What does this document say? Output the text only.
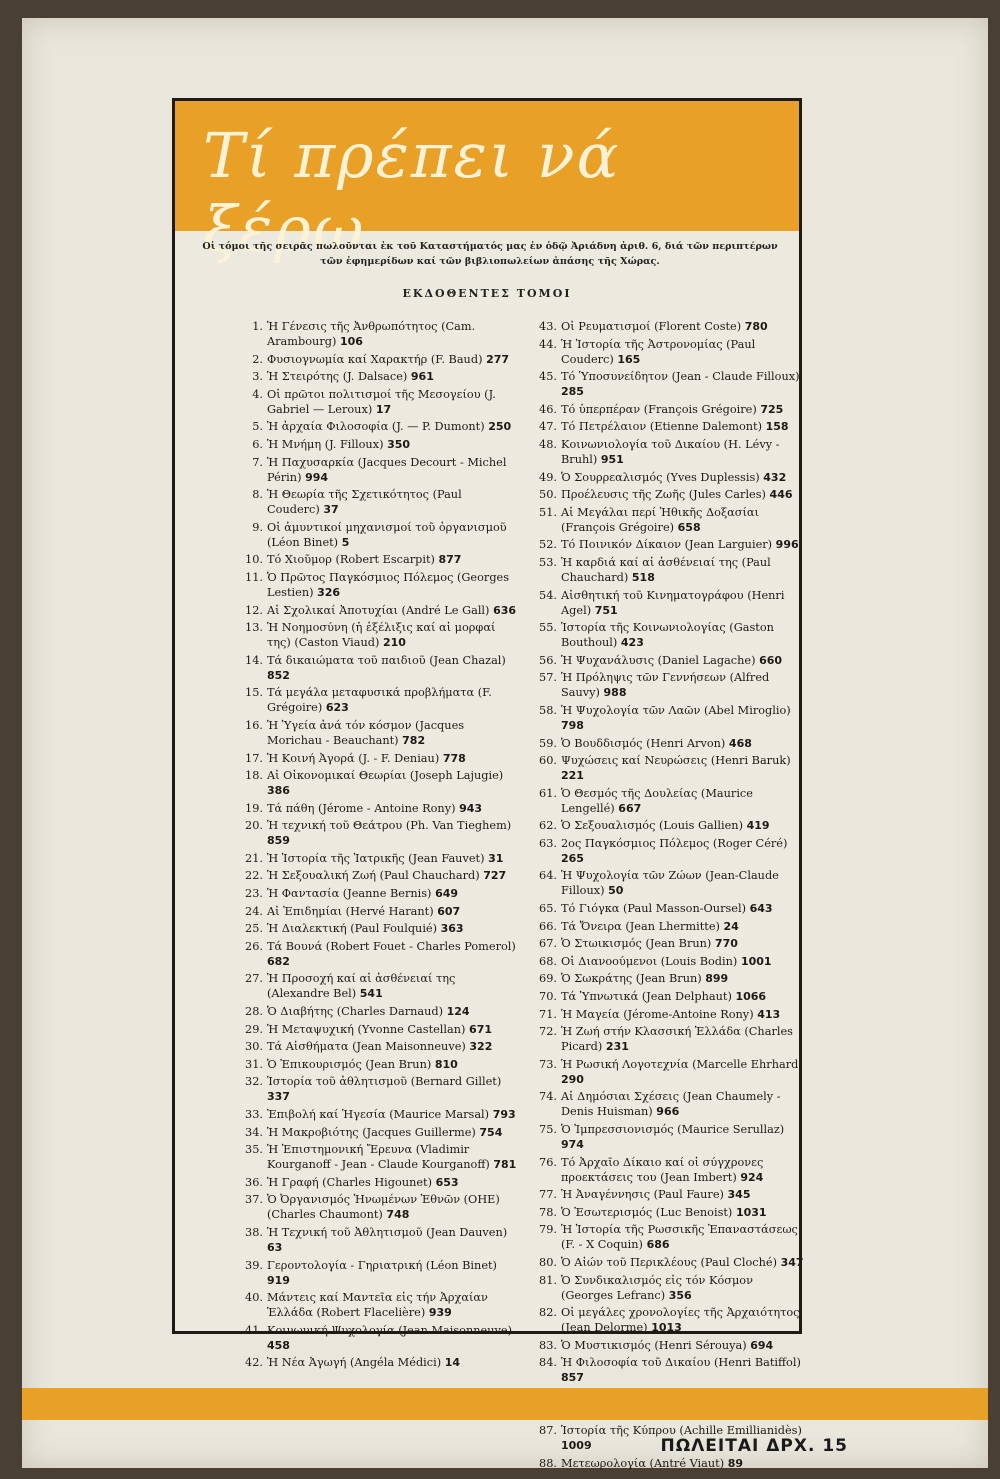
Τί πρέπει νά ξέρω
Οἱ τόμοι τῆς σειρᾶς πωλοῦνται ἐκ τοῦ Καταστήματός μας ἐν ὁδῷ Ἀριάδνη ἀριθ. 6, διά τῶν περιπτέρων τῶν ἐφημερίδων καί τῶν βιβλιοπωλείων ἀπάσης τῆς Χώρας.
ΕΚΔΟΘΕΝΤΕΣ ΤΟΜΟΙ
1. Ἡ Γένεσις τῆς Ἀνθρωπότητος (Cam. Arambourg) 106
2. Φυσιογνωμία καί Χαρακτήρ (F. Baud) 277
3. Ἡ Στειρότης (J. Dalsace) 961
4. Οἱ πρῶτοι πολιτισμοί τῆς Μεσογείου (J. Gabriel — Leroux) 17
5. Ἡ ἀρχαία Φιλοσοφία (J. — P. Dumont) 250
6. Ἡ Μνήμη (J. Filloux) 350
7. Ἡ Παχυσαρκία (Jacques Decourt - Michel Périn) 994
8. Ἡ Θεωρία τῆς Σχετικότητος (Paul Couderc) 37
9. Οἱ ἀμυντικοί μηχανισμοί τοῦ ὀργανισμοῦ (Léon Binet) 5
10. Τό Χιοῦμορ (Robert Escarpit) 877
11. Ὁ Πρῶτος Παγκόσμιος Πόλεμος (Georges Lestien) 326
12. Αἱ Σχολικαί Ἀποτυχίαι (André Le Gall) 636
13. Ἡ Νοημοσύνη (ἡ ἐξέλιξις καί αἱ μορφαί της) (Caston Viaud) 210
14. Τά δικαιώματα τοῦ παιδιοῦ (Jean Chazal) 852
15. Τά μεγάλα μεταφυσικά προβλήματα (F. Grégoire) 623
16. Ἡ Ὑγεία ἀνά τόν κόσμον (Jacques Morichau - Beauchant) 782
17. Ἡ Κοινή Ἀγορά (J. - F. Deniau) 778
18. Αἱ Οἰκονομικαί Θεωρίαι (Joseph Lajugie) 386
19. Τά πάθη (Jérome - Antoine Rony) 943
20. Ἡ τεχνική τοῦ Θεάτρου (Ph. Van Tieghem) 859
21. Ἡ Ἱστορία τῆς Ἰατρικῆς (Jean Fauvet) 31
22. Ἡ Σεξουαλική Ζωή (Paul Chauchard) 727
23. Ἡ Φαντασία (Jeanne Bernis) 649
24. Αἱ Ἐπιδημίαι (Hervé Harant) 607
25. Ἡ Διαλεκτική (Paul Foulquié) 363
26. Τά Βουνά (Robert Fouet - Charles Pomerol) 682
27. Ἡ Προσοχή καί αἱ ἀσθένειαί της (Alexandre Bel) 541
28. Ὁ Διαβήτης (Charles Darnaud) 124
29. Ἡ Μεταψυχική (Yvonne Castellan) 671
30. Τά Αἰσθήματα (Jean Maisonneuve) 322
31. Ὁ Ἐπικουρισμός (Jean Brun) 810
32. Ἱστορία τοῦ ἀθλητισμοῦ (Bernard Gillet) 337
33. Ἐπιβολή καί Ἡγεσία (Maurice Marsal) 793
34. Ἡ Μακροβιότης (Jacques Guillerme) 754
35. Ἡ Ἐπιστημονική Ἔρευνα (Vladimir Kourganoff - Jean - Claude Kourganoff) 781
36. Ἡ Γραφή (Charles Higounet) 653
37. Ὁ Ὀργανισμός Ἡνωμένων Ἐθνῶν (ΟΗΕ) (Charles Chaumont) 748
38. Ἡ Τεχνική τοῦ Ἀθλητισμοῦ (Jean Dauven) 63
39. Γεροντολογία - Γηριατρική (Léon Binet) 919
40. Μάντεις καί Μαντεῖα εἰς τήν Ἀρχαίαν Ἑλλάδα (Robert Flacelière) 939
41. Κοινωνική Ψυχολογία (Jean Maisonneuve) 458
42. Ἡ Νέα Ἀγωγή (Angéla Médici) 14
43. Οἱ Ρευματισμοί (Florent Coste) 780
44. Ἡ Ἱστορία τῆς Ἀστρονομίας (Paul Couderc) 165
45. Τό Ὑποσυνείδητον (Jean - Claude Filloux) 285
46. Τό ὑπερπέραν (François Grégoire) 725
47. Τό Πετρέλαιον (Etienne Dalemont) 158
48. Κοινωνιολογία τοῦ Δικαίου (H. Lévy - Bruhl) 951
49. Ὁ Σουρρεαλισμός (Yves Duplessis) 432
50. Προέλευσις τῆς Ζωῆς (Jules Carles) 446
51. Αἱ Μεγάλαι περί Ἠθικῆς Δοξασίαι (François Grégoire) 658
52. Τό Ποινικόν Δίκαιον (Jean Larguier) 996
53. Ἡ καρδιά καί αἱ ἀσθένειαί της (Paul Chauchard) 518
54. Αἰσθητική τοῦ Κινηματογράφου (Henri Agel) 751
55. Ἱστορία τῆς Κοινωνιολογίας (Gaston Bouthoul) 423
56. Ἡ Ψυχανάλυσις (Daniel Lagache) 660
57. Ἡ Πρόληψις τῶν Γεννήσεων (Alfred Sauvy) 988
58. Ἡ Ψυχολογία τῶν Λαῶν (Abel Miroglio) 798
59. Ὁ Βουδδισμός (Henri Arvon) 468
60. Ψυχώσεις καί Νευρώσεις (Henri Baruk) 221
61. Ὁ Θεσμός τῆς Δουλείας (Maurice Lengellé) 667
62. Ὁ Σεξουαλισμός (Louis Gallien) 419
63. 2ος Παγκόσμιος Πόλεμος (Roger Céré) 265
64. Ἡ Ψυχολογία τῶν Ζώων (Jean-Claude Filloux) 50
65. Τό Γιόγκα (Paul Masson-Oursel) 643
66. Τά Ὄνειρα (Jean Lhermitte) 24
67. Ὁ Στωικισμός (Jean Brun) 770
68. Οἱ Διανοούμενοι (Louis Bodin) 1001
69. Ὁ Σωκράτης (Jean Brun) 899
70. Τά Ὑπνωτικά (Jean Delphaut) 1066
71. Ἡ Μαγεία (Jérome-Antoine Rony) 413
72. Ἡ Ζωή στήν Κλασσική Ἑλλάδα (Charles Picard) 231
73. Ἡ Ρωσική Λογοτεχνία (Marcelle Ehrhard) 290
74. Αἱ Δημόσιαι Σχέσεις (Jean Chaumely - Denis Huisman) 966
75. Ὁ Ἰμπρεσσιονισμός (Maurice Serullaz) 974
76. Τό Ἀρχαῖο Δίκαιο καί οἱ σύγχρονες προεκτάσεις του (Jean Imbert) 924
77. Ἡ Ἀναγέννησις (Paul Faure) 345
78. Ὁ Ἐσωτερισμός (Luc Benoist) 1031
79. Ἡ Ἱστορία τῆς Ρωσσικῆς Ἐπαναστάσεως (F. - X Coquin) 686
80. Ὁ Αἰών τοῦ Περικλέους (Paul Cloché) 347
81. Ὁ Συνδικαλισμός εἰς τόν Κόσμον (Georges Lefranc) 356
82. Οἱ μεγάλες χρονολογίες τῆς Ἀρχαιότητος (Jean Delorme) 1013
83. Ὁ Μυστικισμός (Henri Sérouya) 694
84. Ἡ Φιλοσοφία τοῦ Δικαίου (Henri Batiffol) 857
87. Ἱστορία τῆς Κύπρου (Achille Emillianidès) 1009
88. Μετεωρολογία (Antré Viaut) 89
ΠΩΛΕΙΤΑΙ ΔΡΧ. 15
